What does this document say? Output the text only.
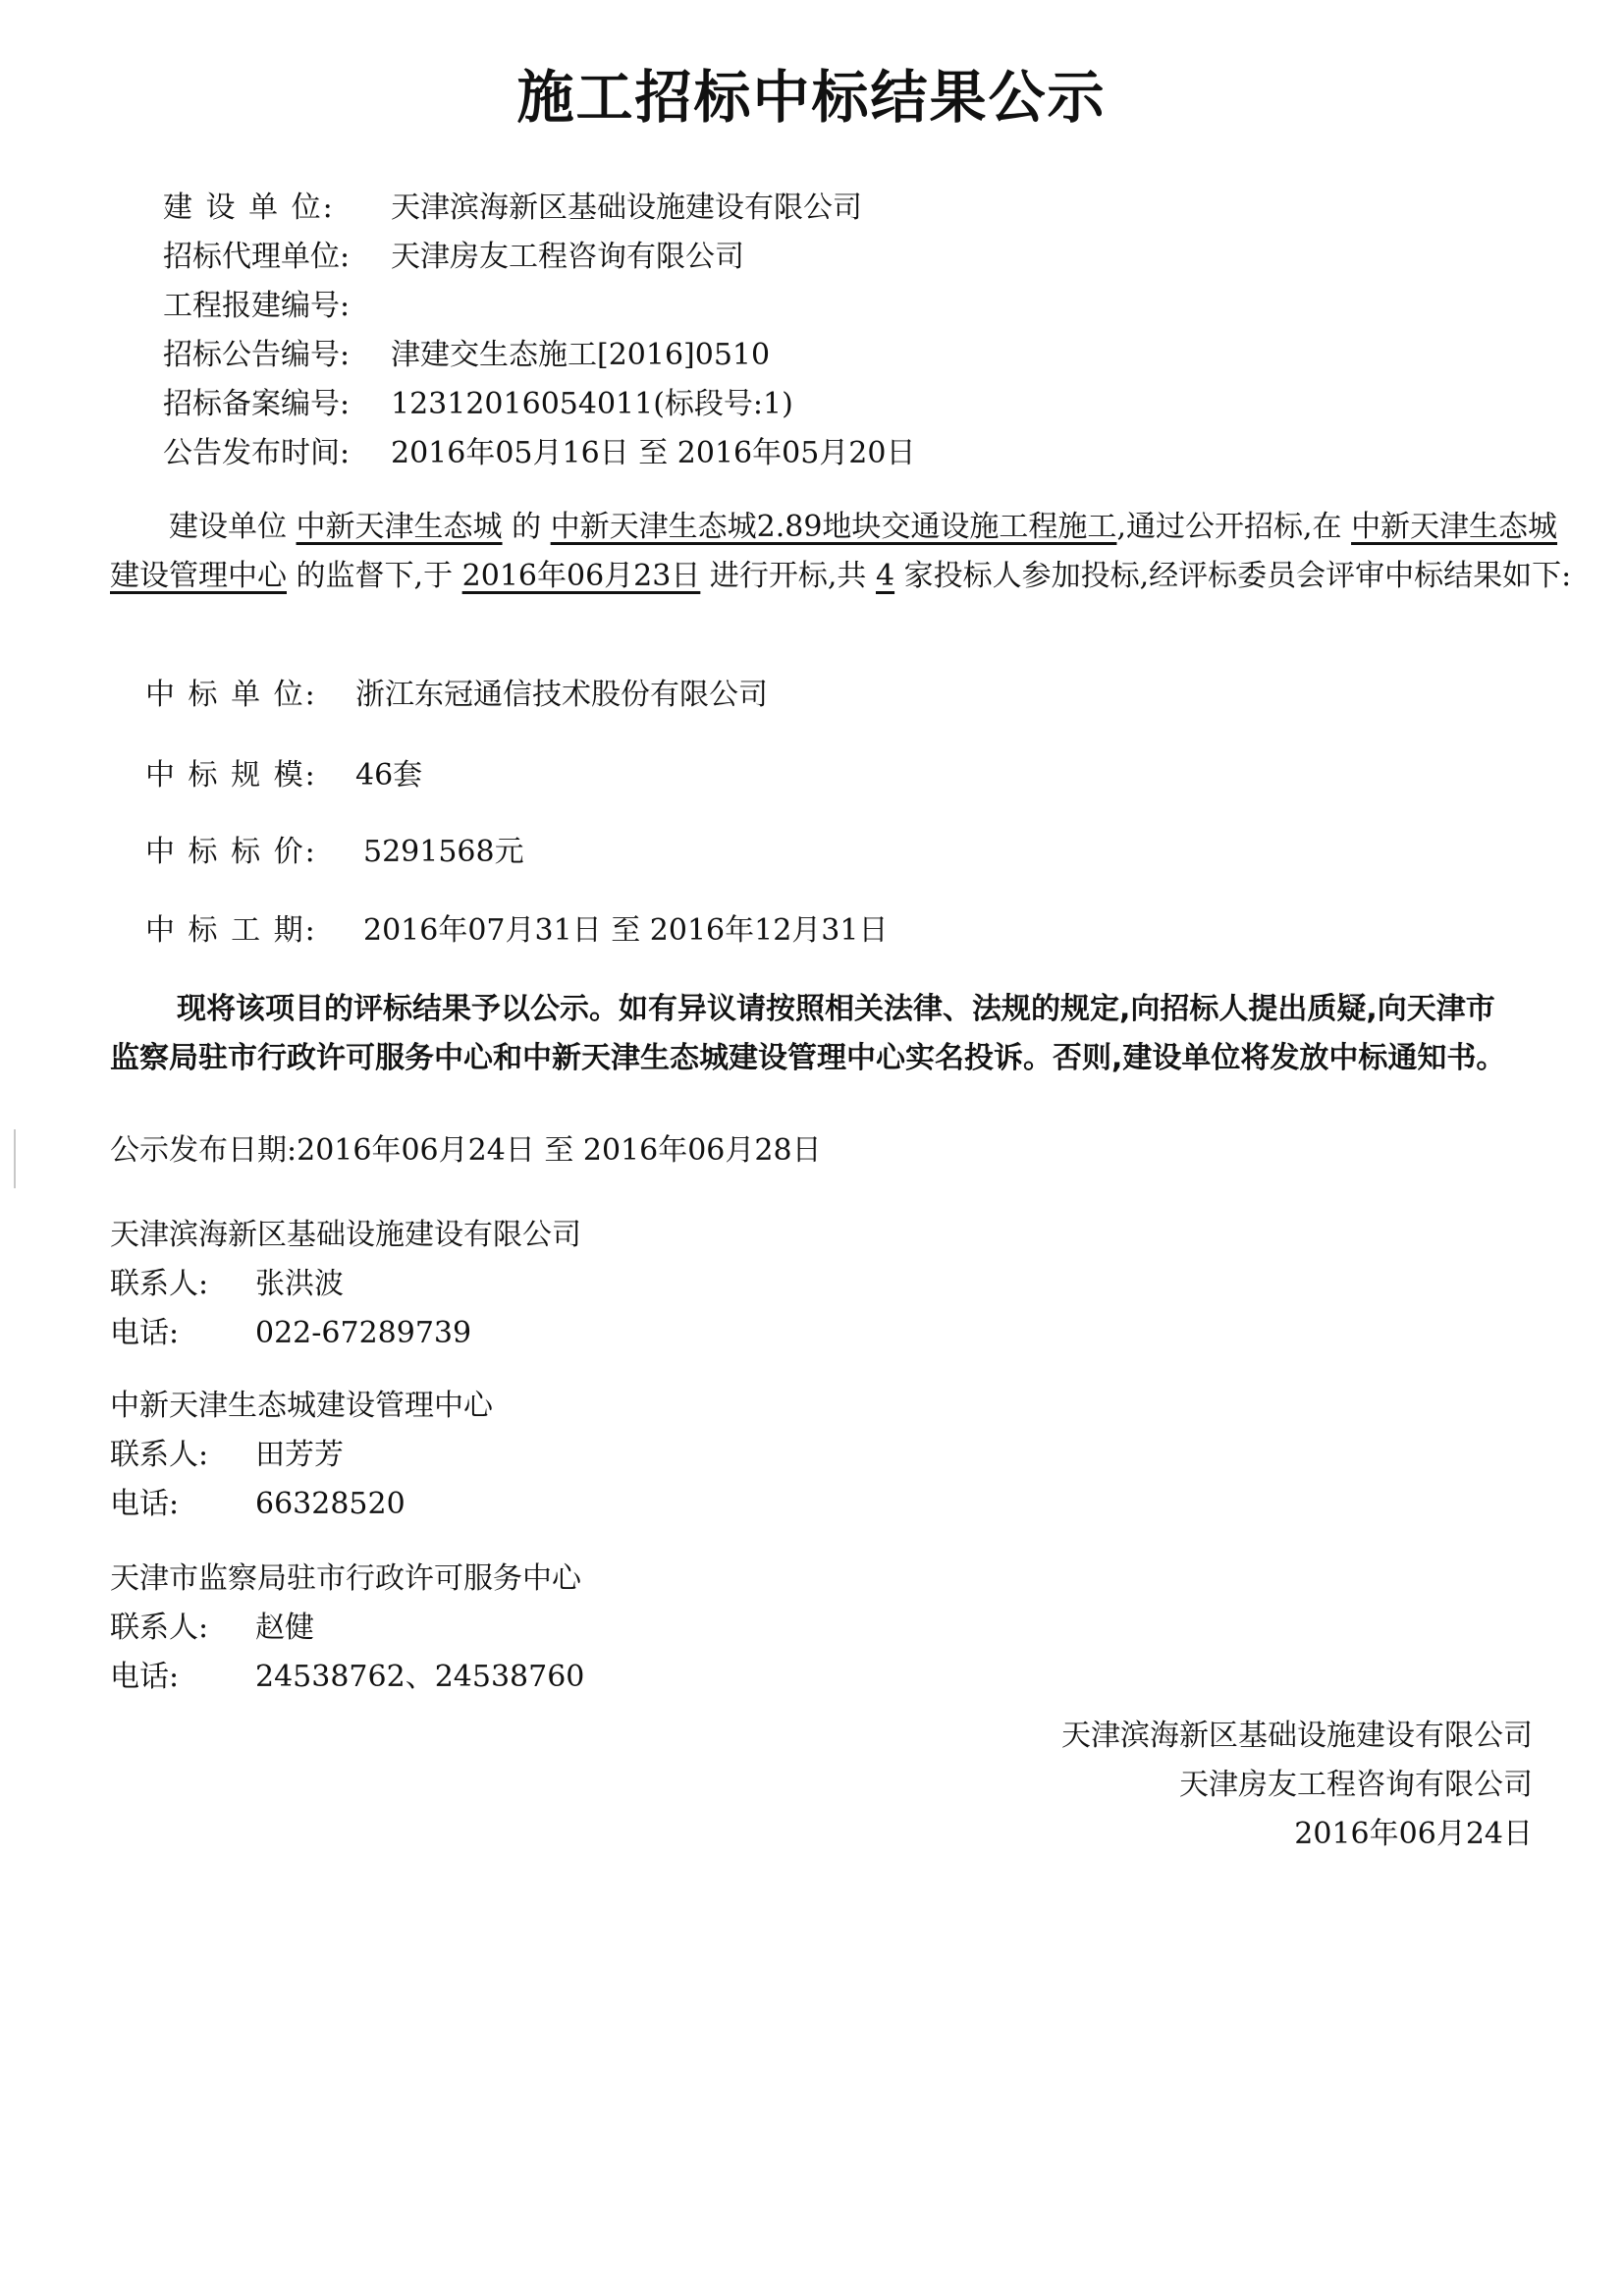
施工招标中标结果公示
建 设 单 位: 天津滨海新区基础设施建设有限公司
招标代理单位: 天津房友工程咨询有限公司
工程报建编号:
招标公告编号: 津建交生态施工[2016]0510
招标备案编号: 12312016054011(标段号:1)
公告发布时间: 2016年05月16日 至 2016年05月20日

建设单位 中新天津生态城 的 中新天津生态城2.89地块交通设施工程施工,通过公开招标,在 中新天津生态城建设管理中心 的监督下,于 2016年06月23日 进行开标,共 4 家投标人参加投标,经评标委员会评审中标结果如下:

中 标 单 位: 浙江东冠通信技术股份有限公司
中 标 规 模: 46套
中 标 标 价: 5291568元
中 标 工 期: 2016年07月31日 至 2016年12月31日

现将该项目的评标结果予以公示。如有异议请按照相关法律、法规的规定,向招标人提出质疑,向天津市监察局驻市行政许可服务中心和中新天津生态城建设管理中心实名投诉。否则,建设单位将发放中标通知书。

公示发布日期:2016年06月24日 至 2016年06月28日
天津滨海新区基础设施建设有限公司
联系人: 张洪波
电话:	022-67289739
中新天津生态城建设管理中心
联系人: 田芳芳
电话:	66328520
天津市监察局驻市行政许可服务中心
联系人: 赵健
电话:	24538762、24538760
天津滨海新区基础设施建设有限公司
天津房友工程咨询有限公司
2016年06月24日
